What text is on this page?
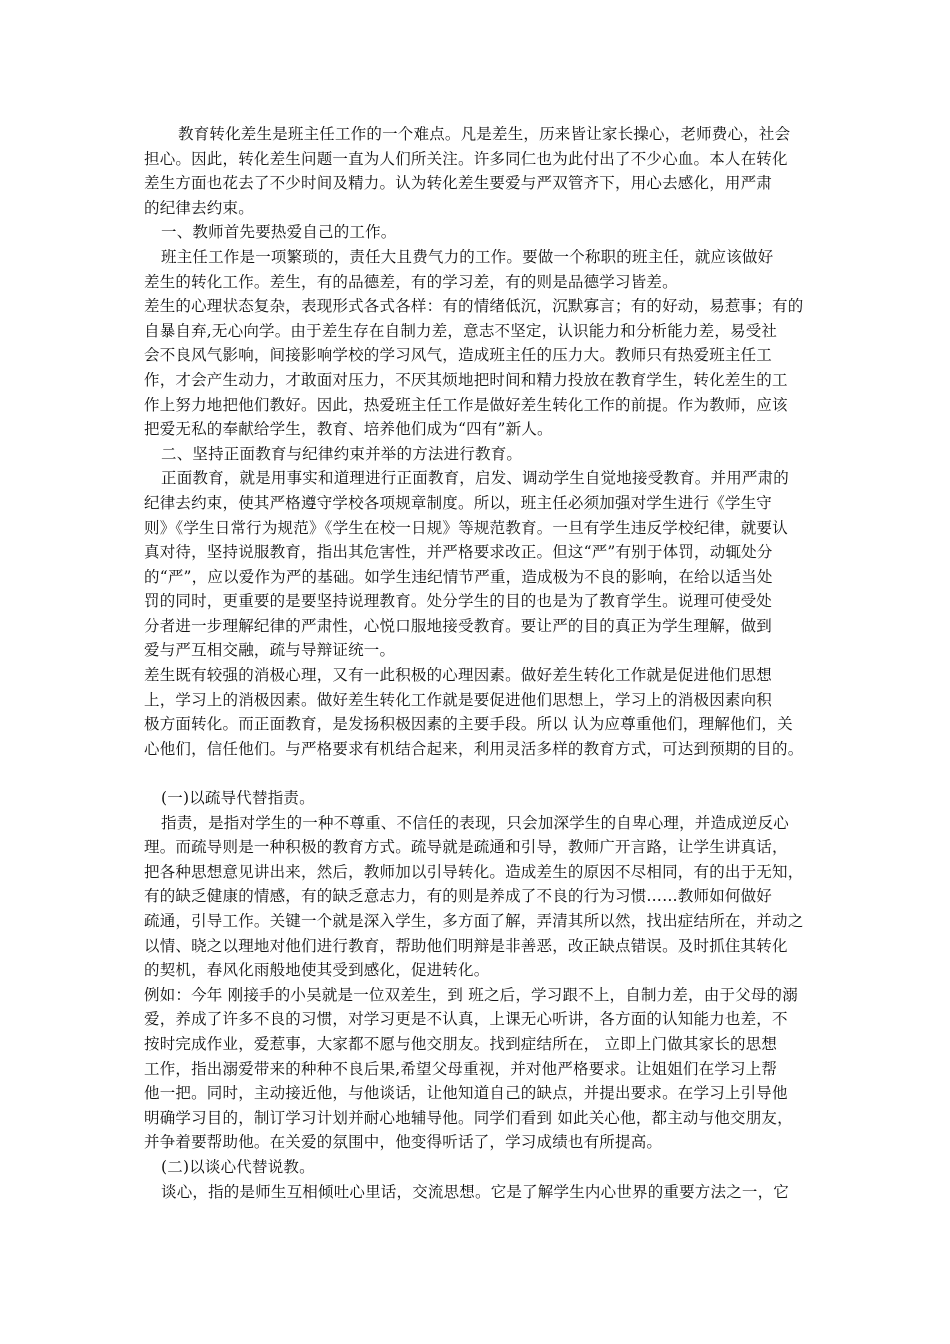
教育转化差生是班主任工作的一个难点。凡是差生，历来皆让家长操心，老师费心，社会
担心。因此，转化差生问题一直为人们所关注。许多同仁也为此付出了不少心血。本人在转化
差生方面也花去了不少时间及精力。认为转化差生要爱与严双管齐下，用心去感化，用严肃
的纪律去约束。
一、教师首先要热爱自己的工作。
班主任工作是一项繁琐的，责任大且费气力的工作。要做一个称职的班主任，就应该做好
差生的转化工作。差生，有的品德差，有的学习差，有的则是品德学习皆差。
差生的心理状态复杂，表现形式各式各样：有的情绪低沉，沉默寡言；有的好动，易惹事；有的
自暴自弃,无心向学。由于差生存在自制力差，意志不坚定，认识能力和分析能力差，易受社
会不良风气影响，间接影响学校的学习风气，造成班主任的压力大。教师只有热爱班主任工
作，才会产生动力，才敢面对压力，不厌其烦地把时间和精力投放在教育学生，转化差生的工
作上努力地把他们教好。因此，热爱班主任工作是做好差生转化工作的前提。作为教师，应该
把爱无私的奉献给学生，教育、培养他们成为“四有”新人。
二、坚持正面教育与纪律约束并举的方法进行教育。
正面教育，就是用事实和道理进行正面教育，启发、调动学生自觉地接受教育。并用严肃的
纪律去约束，使其严格遵守学校各项规章制度。所以，班主任必须加强对学生进行《学生守
则》《学生日常行为规范》《学生在校一日规》等规范教育。一旦有学生违反学校纪律，就要认
真对待，坚持说服教育，指出其危害性，并严格要求改正。但这“严”有别于体罚，动辄处分
的“严”，应以爱作为严的基础。如学生违纪情节严重，造成极为不良的影响，在给以适当处
罚的同时，更重要的是要坚持说理教育。处分学生的目的也是为了教育学生。说理可使受处
分者进一步理解纪律的严肃性，心悦口服地接受教育。要让严的目的真正为学生理解，做到
爱与严互相交融，疏与导辩证统一。
差生既有较强的消极心理，又有一此积极的心理因素。做好差生转化工作就是促进他们思想
上，学习上的消极因素。做好差生转化工作就是要促进他们思想上，学习上的消极因素向积
极方面转化。而正面教育，是发扬积极因素的主要手段。所以 认为应尊重他们，理解他们，关
心他们，信任他们。与严格要求有机结合起来，利用灵活多样的教育方式，可达到预期的目的。
(一)以疏导代替指责。
指责，是指对学生的一种不尊重、不信任的表现，只会加深学生的自卑心理，并造成逆反心
理。而疏导则是一种积极的教育方式。疏导就是疏通和引导，教师广开言路，让学生讲真话，
把各种思想意见讲出来，然后，教师加以引导转化。造成差生的原因不尽相同，有的出于无知，
有的缺乏健康的情感，有的缺乏意志力，有的则是养成了不良的行为习惯……教师如何做好
疏通，引导工作。关键一个就是深入学生，多方面了解，弄清其所以然，找出症结所在，并动之
以情、晓之以理地对他们进行教育，帮助他们明辩是非善恶，改正缺点错误。及时抓住其转化
的契机，春风化雨般地使其受到感化，促进转化。
例如：今年 刚接手的小吴就是一位双差生，到 班之后，学习跟不上，自制力差，由于父母的溺
爱，养成了许多不良的习惯，对学习更是不认真，上课无心听讲，各方面的认知能力也差，不
按时完成作业，爱惹事，大家都不愿与他交朋友。找到症结所在， 立即上门做其家长的思想
工作，指出溺爱带来的种种不良后果,希望父母重视，并对他严格要求。让姐姐们在学习上帮
他一把。同时，主动接近他，与他谈话，让他知道自己的缺点，并提出要求。在学习上引导他
明确学习目的，制订学习计划并耐心地辅导他。同学们看到 如此关心他，都主动与他交朋友，
并争着要帮助他。在关爱的氛围中，他变得听话了，学习成绩也有所提高。
(二)以谈心代替说教。
谈心，指的是师生互相倾吐心里话，交流思想。它是了解学生内心世界的重要方法之一，它
